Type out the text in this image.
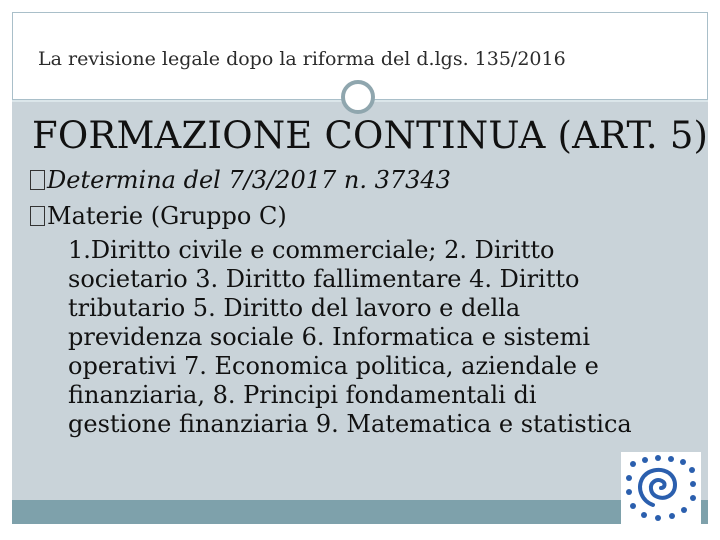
La revisione legale dopo la riforma del d.lgs. 135/2016
FORMAZIONE CONTINUA (ART. 5)
Determina del 7/3/2017 n. 37343
Materie (Gruppo C)
1.Diritto civile e commerciale; 2. Diritto
societario 3. Diritto fallimentare 4. Diritto
tributario 5. Diritto del lavoro e della
previdenza sociale 6. Informatica e sistemi
operativi 7. Economica politica, aziendale e
finanziaria, 8. Principi fondamentali di
gestione finanziaria 9. Matematica e statistica
